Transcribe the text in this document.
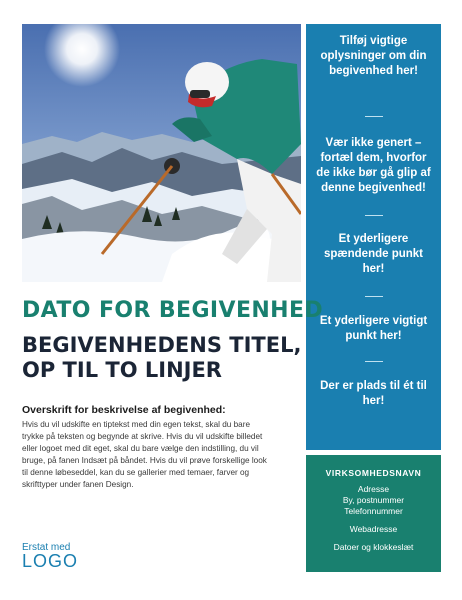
Tilføj vigtige oplysninger om din begivenhed her!
Vær ikke genert – fortæl dem, hvorfor de ikke bør gå glip af denne begivenhed!
Et yderligere spændende punkt her!
Et yderligere vigtigt punkt her!
Der er plads til ét til her!
VIRKSOMHEDSNAVN
Adresse
By, postnummer
Telefonnummer
Webadresse
Datoer og klokkeslæt
DATO FOR BEGIVENHED
BEGIVENHEDENS TITEL,
OP TIL TO LINJER

Overskrift for beskrivelse af begivenhed:

Hvis du vil udskifte en tiptekst med din egen tekst, skal du bare
trykke på teksten og begynde at skrive. Hvis du vil udskifte billedet
eller logoet med dit eget, skal du bare vælge den indstilling, du vil
bruge, på fanen Indsæt på båndet. Hvis du vil prøve forskellige look
til denne løbeseddel, kan du se gallerier med temaer, farver og
skrifttyper under fanen Design.
Erstat med
LOGO
